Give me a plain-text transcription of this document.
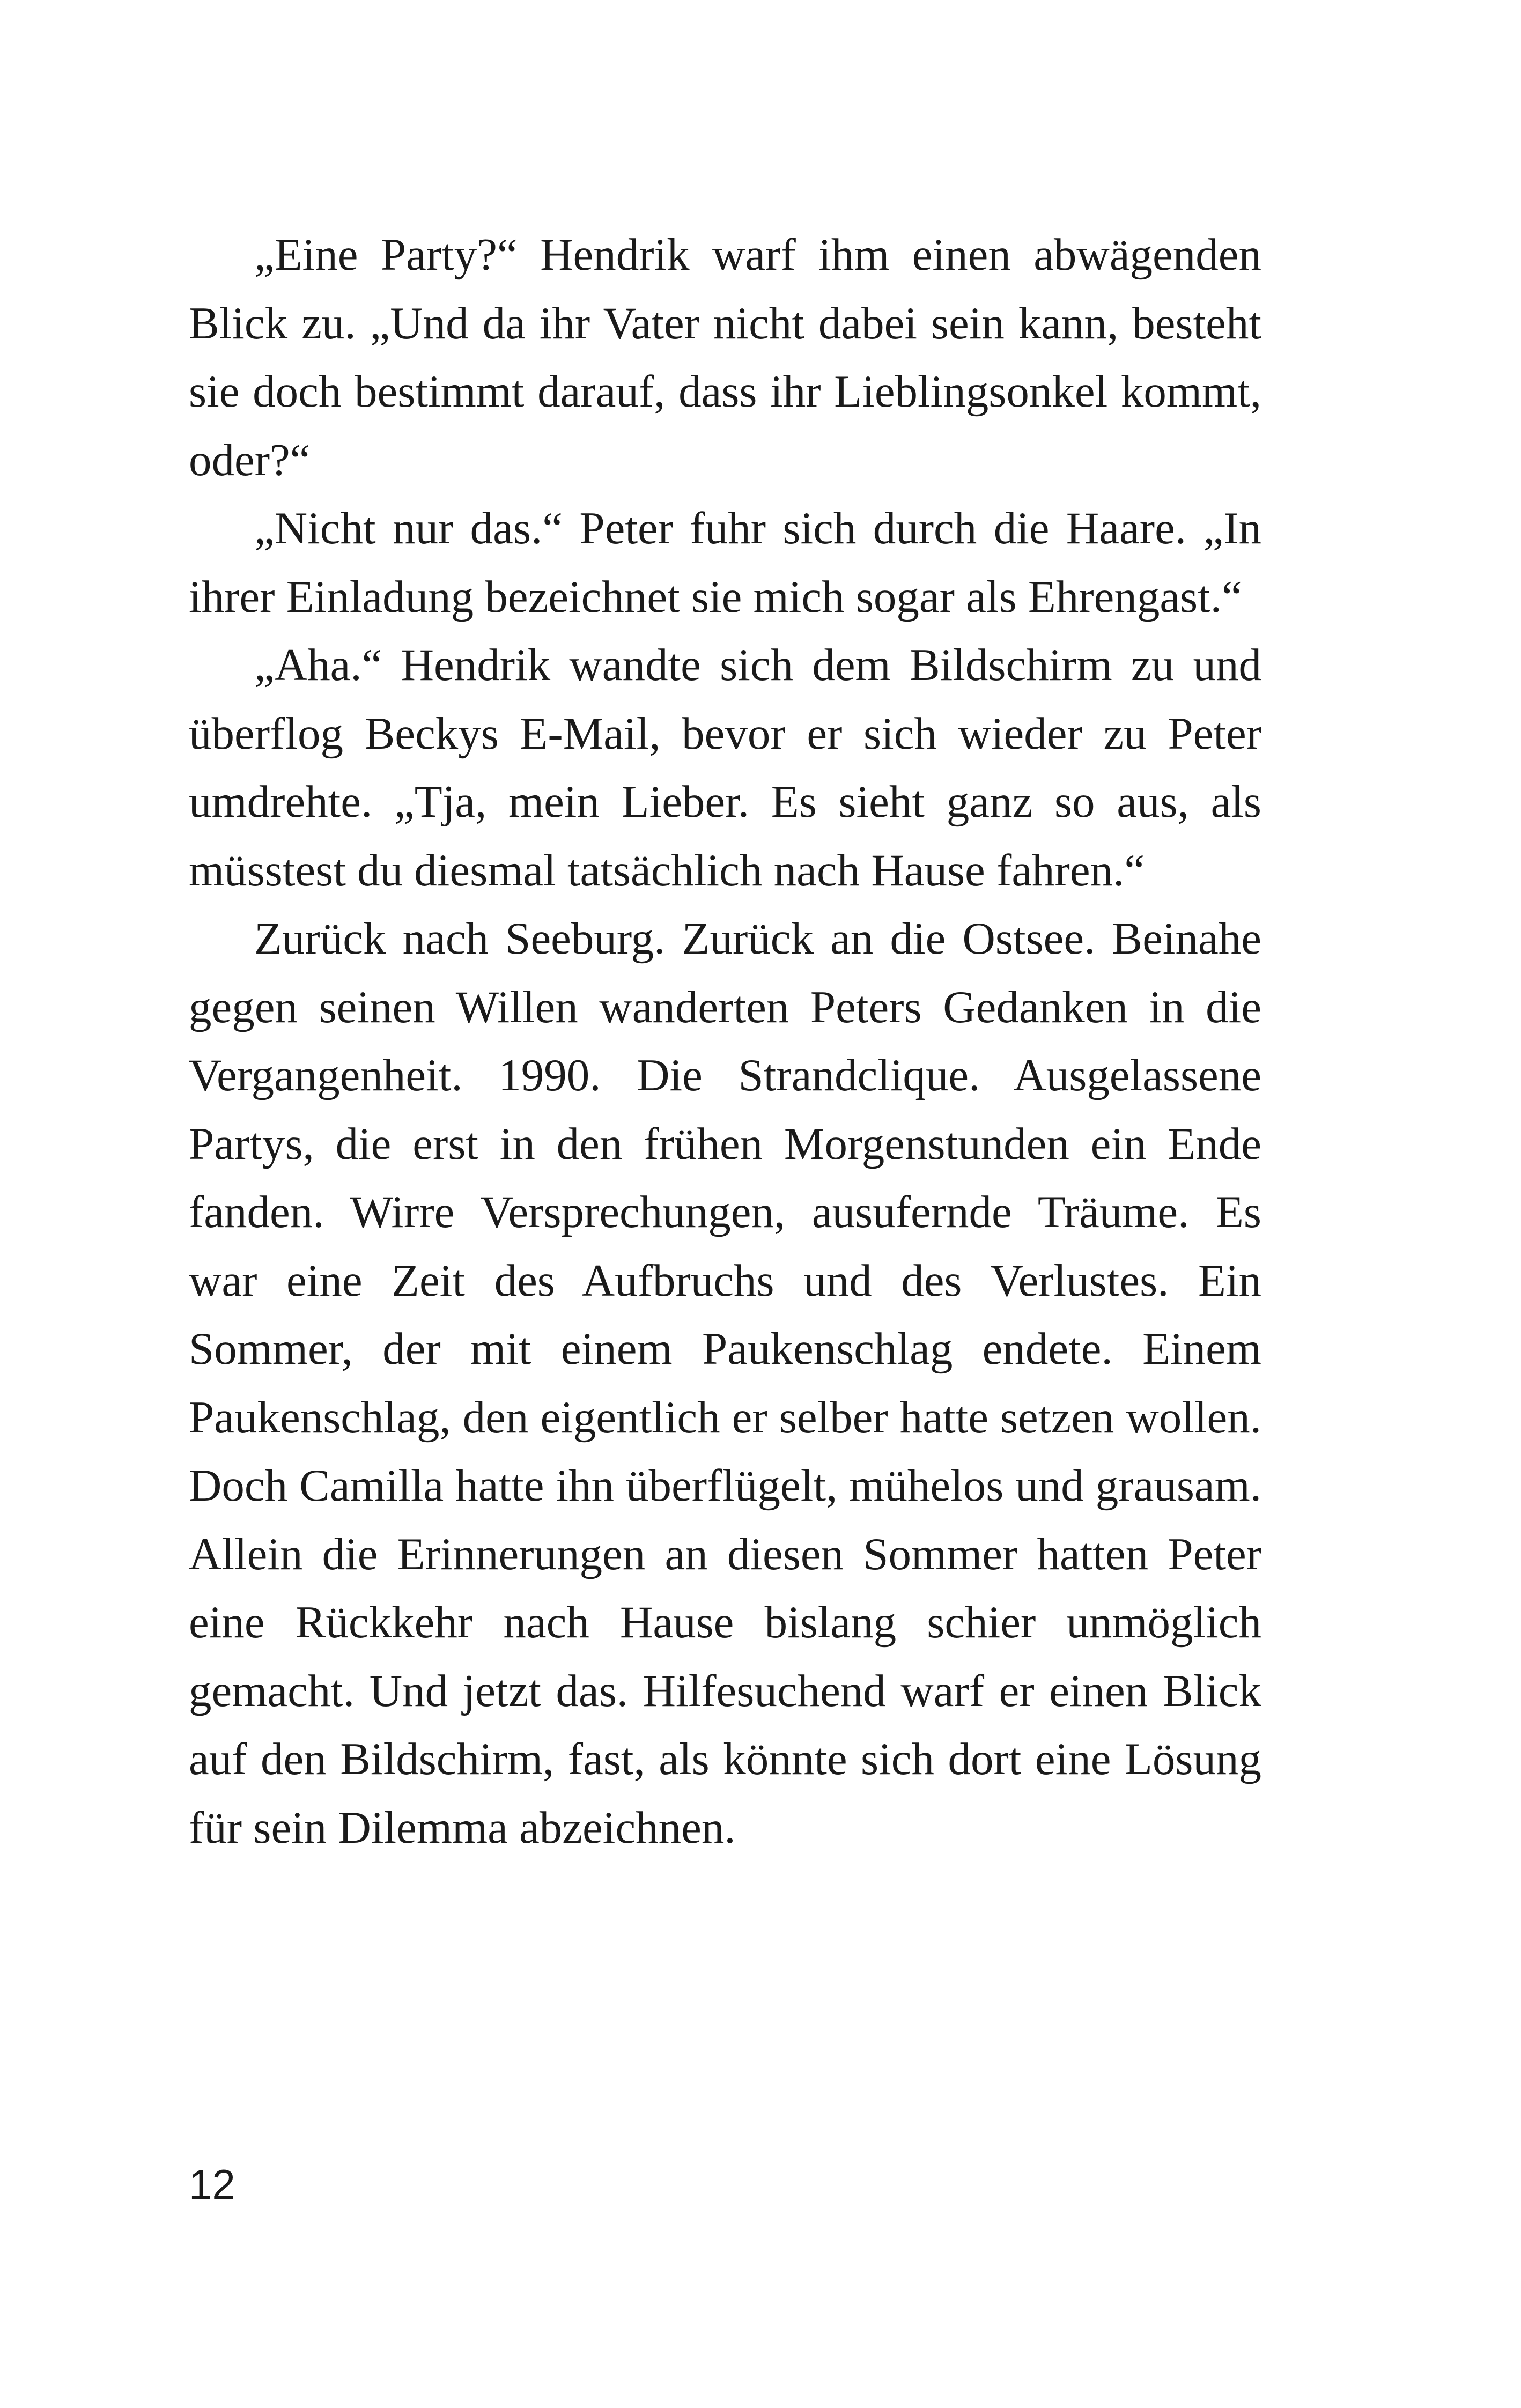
„Eine Party?“ Hendrik warf ihm einen abwägenden Blick zu. „Und da ihr Vater nicht dabei sein kann, besteht sie doch bestimmt darauf, dass ihr Lieblingsonkel kommt, oder?“

„Nicht nur das.“ Peter fuhr sich durch die Haare. „In ihrer Einladung bezeichnet sie mich sogar als Ehrengast.“

„Aha.“ Hendrik wandte sich dem Bildschirm zu und überflog Beckys E-Mail, bevor er sich wieder zu Peter umdrehte. „Tja, mein Lieber. Es sieht ganz so aus, als müsstest du diesmal tatsächlich nach Hause fahren.“

Zurück nach Seeburg. Zurück an die Ostsee. Beinahe gegen seinen Willen wanderten Peters Gedanken in die Vergangenheit. 1990. Die Strandclique. Ausgelassene Partys, die erst in den frühen Morgenstunden ein Ende fanden. Wirre Versprechungen, ausufernde Träume. Es war eine Zeit des Aufbruchs und des Verlustes. Ein Sommer, der mit einem Paukenschlag endete. Einem Paukenschlag, den eigentlich er selber hatte setzen wollen. Doch Camilla hatte ihn überflügelt, mühelos und grausam. Allein die Erinnerungen an diesen Sommer hatten Peter eine Rückkehr nach Hause bislang schier unmöglich gemacht. Und jetzt das. Hilfesuchend warf er einen Blick auf den Bildschirm, fast, als könnte sich dort eine Lösung für sein Dilemma abzeichnen.

12
